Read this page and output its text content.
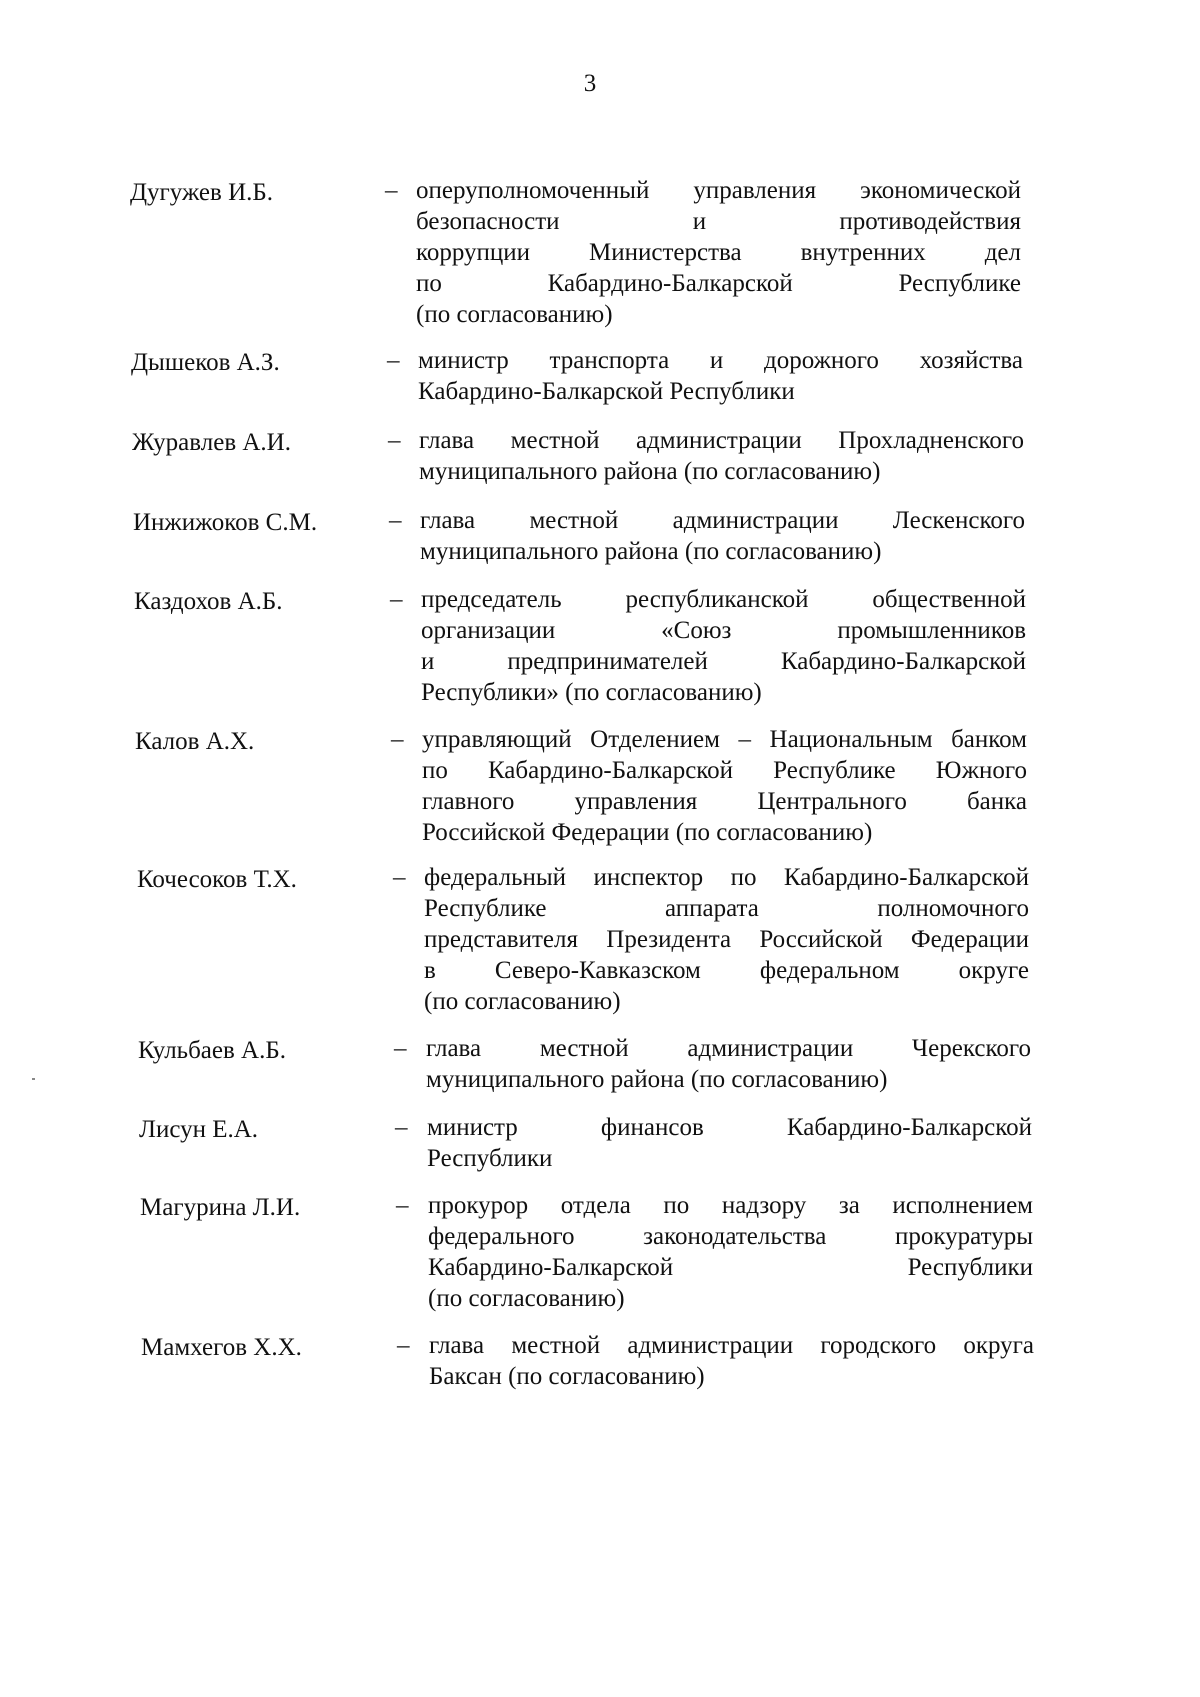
3
Дугужев И.Б.	– оперуполномоченный управления экономической
безопасности и противодействия
коррупции Министерства внутренних дел
по Кабардино-Балкарской Республике
(по согласованию)
Дышеков А.З.	– министр транспорта и дорожного хозяйства
Кабардино-Балкарской Республики
Журавлев А.И.	– глава местной администрации Прохладненского
муниципального района (по согласованию)
Инжижоков С.М.	– глава местной администрации Лескенского
муниципального района (по согласованию)
Каздохов А.Б.	– председатель республиканской общественной
организации «Союз промышленников
и предпринимателей Кабардино-Балкарской
Республики» (по согласованию)
Калов А.Х.	– управляющий Отделением – Национальным банком
по Кабардино-Балкарской Республике Южного
главного управления Центрального банка
Российской Федерации (по согласованию)
Кочесоков Т.Х.	– федеральный инспектор по Кабардино-Балкарской
Республике аппарата полномочного
представителя Президента Российской Федерации
в Северо-Кавказском федеральном округе
(по согласованию)
Кульбаев А.Б.	– глава местной администрации Черекского
муниципального района (по согласованию)
Лисун Е.А.	– министр финансов Кабардино-Балкарской
Республики
Магурина Л.И.	– прокурор отдела по надзору за исполнением
федерального законодательства прокуратуры
Кабардино-Балкарской Республики
(по согласованию)
Мамхегов Х.Х.	– глава местной администрации городского округа
Баксан (по согласованию)
